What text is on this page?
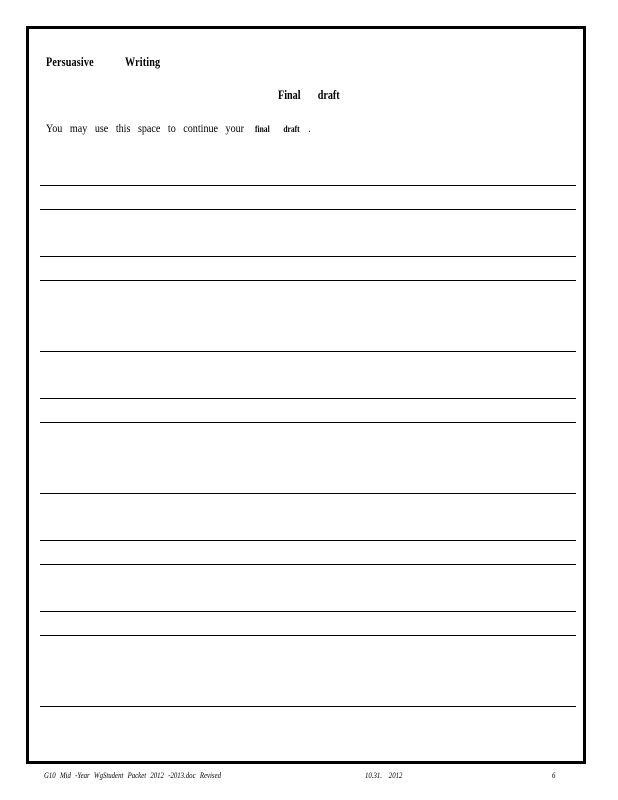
Persuasive Writing
Final draft
You may use this space to continue your final draft .
G10 Mid -Year WgStudent Packet 2012 -2013.doc Revised	10.31. 2012	6
